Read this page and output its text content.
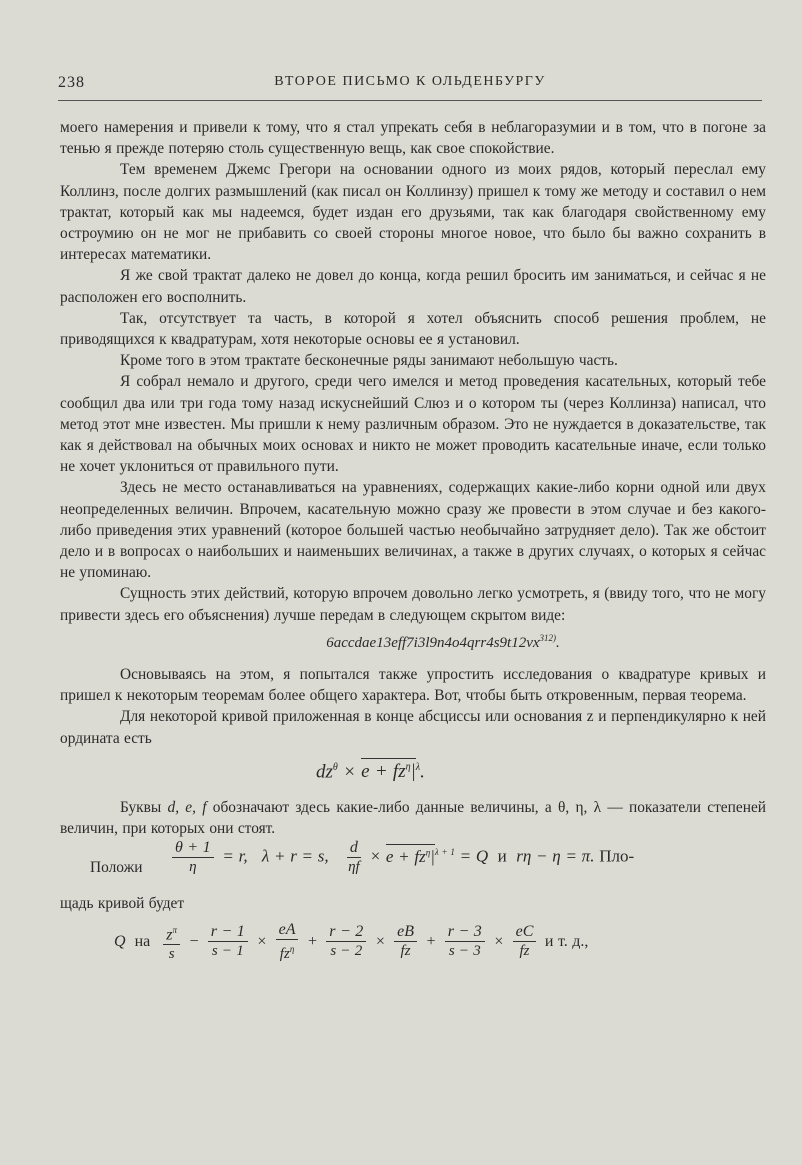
238	ВТОРОЕ ПИСЬМО К ОЛЬДЕНБУРГУ

моего намерения и привели к тому, что я стал упрекать себя в неблагоразумии и в том, что в погоне за тенью я прежде потеряю столь существенную вещь, как свое спокойствие.

Тем временем Джемс Грегори на основании одного из моих рядов, который переслал ему Коллинз, после долгих размышлений (как писал он Коллинзу) пришел к тому же методу и составил о нем трактат, который как мы надеемся, будет издан его друзьями, так как благодаря свойственному ему остроумию он не мог не прибавить со своей стороны многое новое, что было бы важно сохранить в интересах математики.

Я же свой трактат далеко не довел до конца, когда решил бросить им заниматься, и сейчас я не расположен его восполнить.

Так, отсутствует та часть, в которой я хотел объяснить способ решения проблем, не приводящихся к квадратурам, хотя некоторые основы ее я установил.

Кроме того в этом трактате бесконечные ряды занимают небольшую часть.

Я собрал немало и другого, среди чего имелся и метод проведения касательных, который тебе сообщил два или три года тому назад искуснейший Слюз и о котором ты (через Коллинза) написал, что метод этот мне известен. Мы пришли к нему различным образом. Это не нуждается в доказательстве, так как я действовал на обычных моих основах и никто не может проводить касательные иначе, если только не хочет уклониться от правильного пути.

Здесь не место останавливаться на уравнениях, содержащих какие-либо корни одной или двух неопределенных величин. Впрочем, касательную можно сразу же провести в этом случае и без какого-либо приведения этих уравнений (которое большей частью необычайно затрудняет дело). Так же обстоит дело и в вопросах о наибольших и наименьших величинах, а также в других случаях, о которых я сейчас не упоминаю.

Сущность этих действий, которую впрочем довольно легко усмотреть, я (ввиду того, что не могу привести здесь его объяснения) лучше передам в следующем скрытом виде:

$6accdae13eff7i3l9n4o4qrr4s9t12vx^{312)}$.

Основываясь на этом, я попытался также упростить исследования о квадратуре кривых и пришел к некоторым теоремам более общего характера. Вот, чтобы быть откровенным, первая теорема.

Для некоторой кривой приложенная в конце абсциссы или основания z и перпендикулярно к ней ордината есть

$dz^\theta \times e + fz^\eta|^\lambda$.

Буквы d, e, f обозначают здесь какие-либо данные величины, а θ, η, λ — показатели степеней величин, при которых они стоят.

Положи $\frac{\theta + 1}{\eta} = r$, λ + r = s, $\frac{d}{\eta f} \times e + fz^\eta|^{\lambda + 1} = Q$ и rη − η = π. Пло-

щадь кривой будет

Q на $\frac{z^\pi}{s} - \frac{r - 1}{s - 1} \times \frac{eA}{fz^\eta} + \frac{r - 2}{s - 2} \times \frac{eB}{fz} + \frac{r - 3}{s - 3} \times \frac{eC}{fz}$ и т. д.,
